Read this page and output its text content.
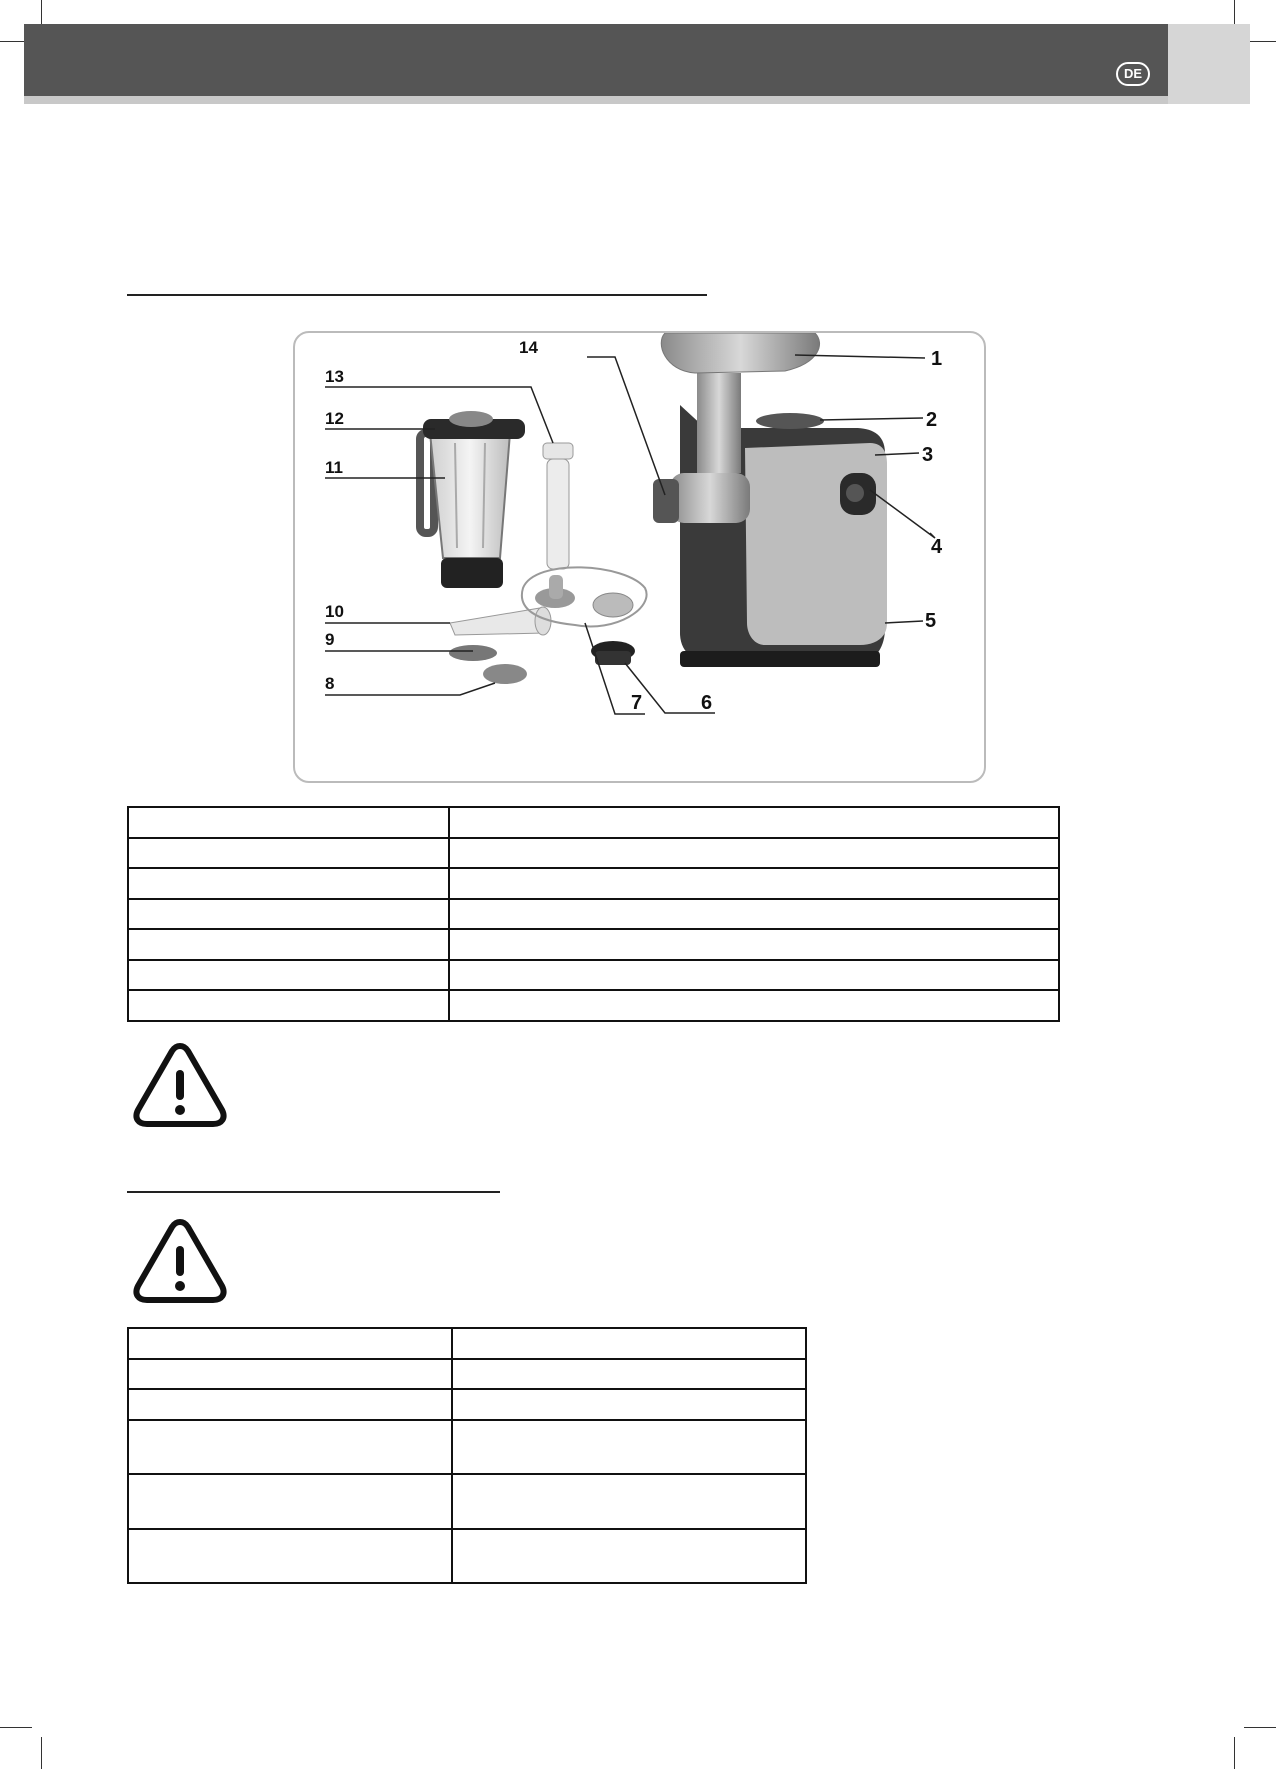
DE
1
2
3
4
5
6
7
8
9
10
11
12
13
14
